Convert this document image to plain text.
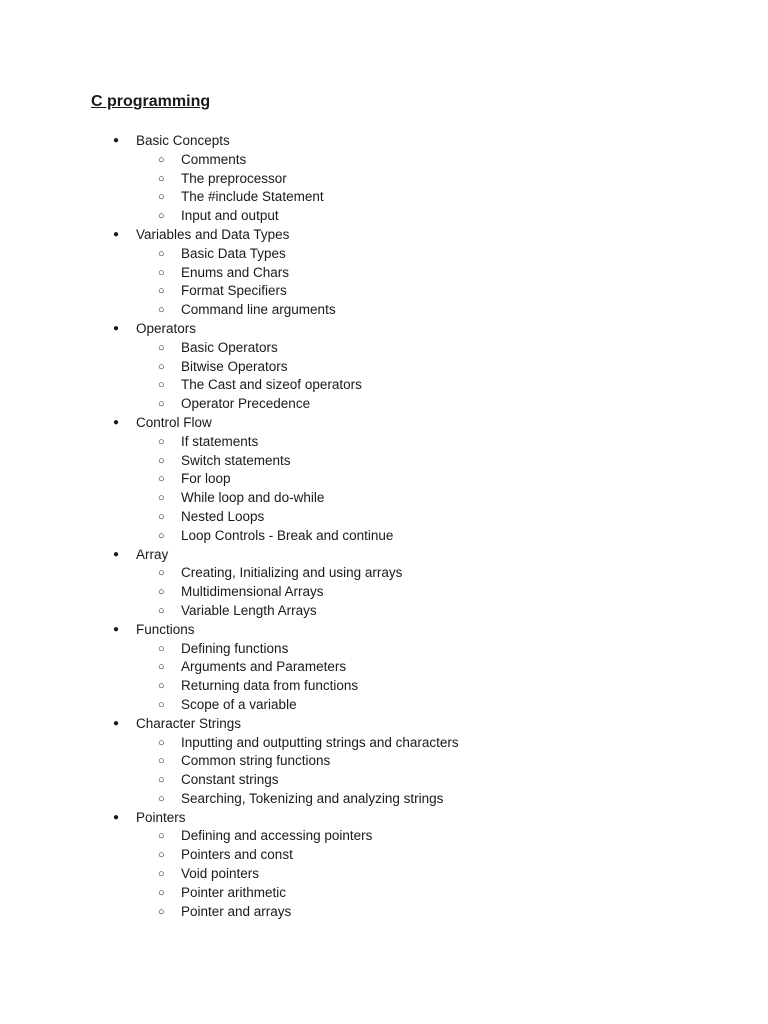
C programming
● Basic Concepts
○ Comments
○ The preprocessor
○ The #include Statement
○ Input and output
● Variables and Data Types
○ Basic Data Types
○ Enums and Chars
○ Format Specifiers
○ Command line arguments
● Operators
○ Basic Operators
○ Bitwise Operators
○ The Cast and sizeof operators
○ Operator Precedence
● Control Flow
○ If statements
○ Switch statements
○ For loop
○ While loop and do-while
○ Nested Loops
○ Loop Controls - Break and continue
● Array
○ Creating, Initializing and using arrays
○ Multidimensional Arrays
○ Variable Length Arrays
● Functions
○ Defining functions
○ Arguments and Parameters
○ Returning data from functions
○ Scope of a variable
● Character Strings
○ Inputting and outputting strings and characters
○ Common string functions
○ Constant strings
○ Searching, Tokenizing and analyzing strings
● Pointers
○ Defining and accessing pointers
○ Pointers and const
○ Void pointers
○ Pointer arithmetic
○ Pointer and arrays
